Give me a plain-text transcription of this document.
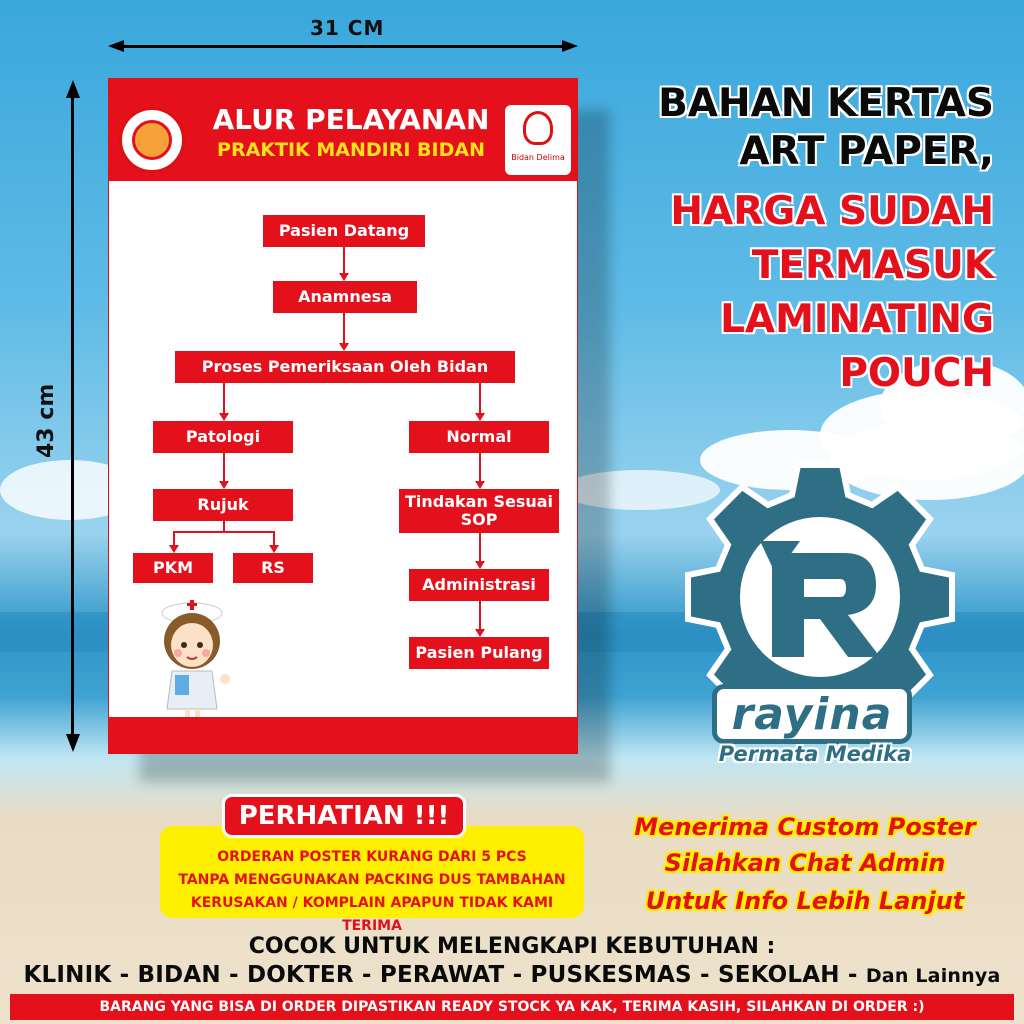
31 CM
43 cm
ALUR PELAYANAN
PRAKTIK MANDIRI BIDAN	Bidan Delima
Pasien Datang
Anamnesa
Proses Pemeriksaan Oleh Bidan
Patologi	Normal
Rujuk	Tindakan Sesuai SOP
PKM	RS
Administrasi
Pasien Pulang
BAHAN KERTAS
ART PAPER,
HARGA SUDAH
TERMASUK
LAMINATING
POUCH
rayina
Permata Medika
ORDERAN POSTER KURANG DARI 5 PCS
TANPA MENGGUNAKAN PACKING DUS TAMBAHAN
KERUSAKAN / KOMPLAIN APAPUN TIDAK KAMI TERIMA
PERHATIAN !!!	Menerima Custom Poster
Silahkan Chat Admin
Untuk Info Lebih Lanjut
COCOK UNTUK MELENGKAPI KEBUTUHAN :
KLINIK - BIDAN - DOKTER - PERAWAT - PUSKESMAS - SEKOLAH - Dan Lainnya
BARANG YANG BISA DI ORDER DIPASTIKAN READY STOCK YA KAK, TERIMA KASIH, SILAHKAN DI ORDER :)
